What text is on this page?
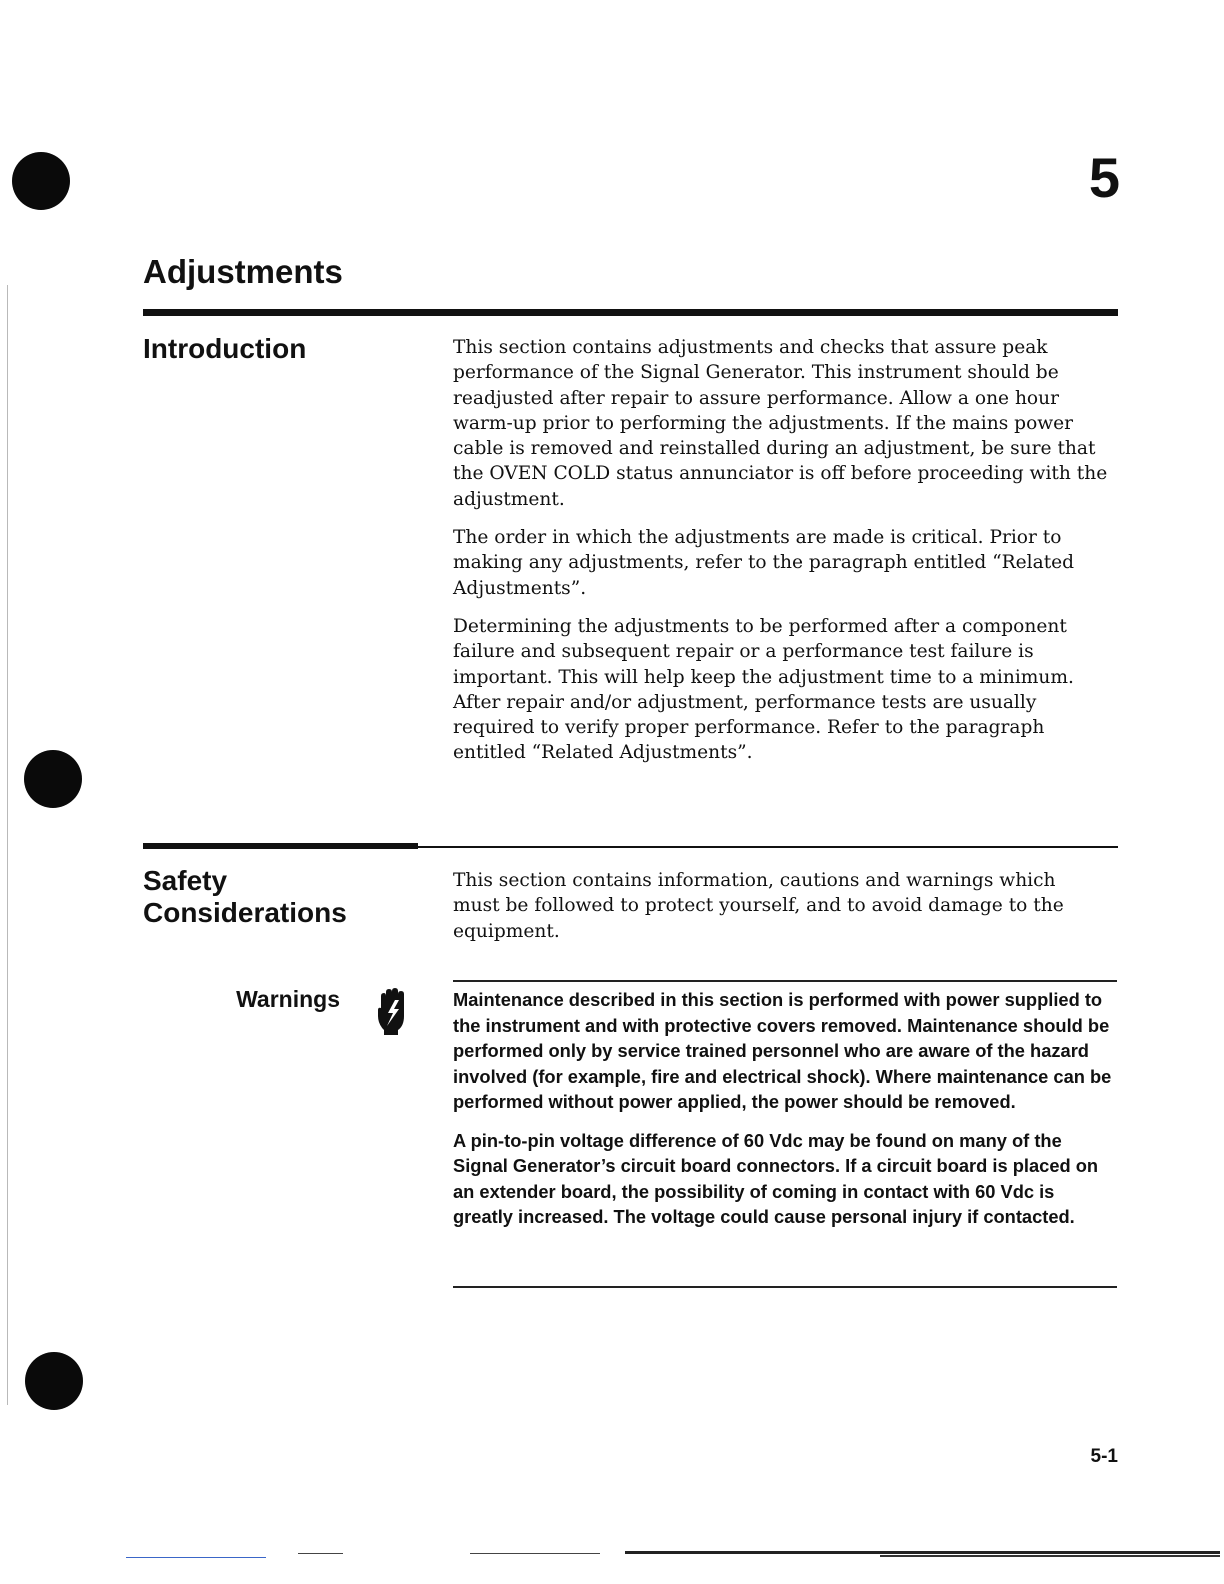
5
Adjustments
Introduction	This section contains adjustments and checks that assure peak performance of the Signal Generator. This instrument should be readjusted after repair to assure performance. Allow a one hour warm-up prior to performing the adjustments. If the mains power cable is removed and reinstalled during an adjustment, be sure that the OVEN COLD status annunciator is off before proceeding with the adjustment.

The order in which the adjustments are made is critical. Prior to making any adjustments, refer to the paragraph entitled “Related Adjustments”.

Determining the adjustments to be performed after a component failure and subsequent repair or a performance test failure is important. This will help keep the adjustment time to a minimum. After repair and/or adjustment, performance tests are usually required to verify proper performance. Refer to the paragraph entitled “Related Adjustments”.

Safety
Considerations

This section contains information, cautions and warnings which must be followed to protect yourself, and to avoid damage to the equipment.

Warnings	Maintenance described in this section is performed with power supplied to the instrument and with protective covers removed. Maintenance should be performed only by service trained personnel who are aware of the hazard involved (for example, fire and electrical shock). Where maintenance can be performed without power applied, the power should be removed.

A pin-to-pin voltage difference of 60 Vdc may be found on many of the Signal Generator’s circuit board connectors. If a circuit board is placed on an extender board, the possibility of coming in contact with 60 Vdc is greatly increased. The voltage could cause personal injury if contacted.

5-1
